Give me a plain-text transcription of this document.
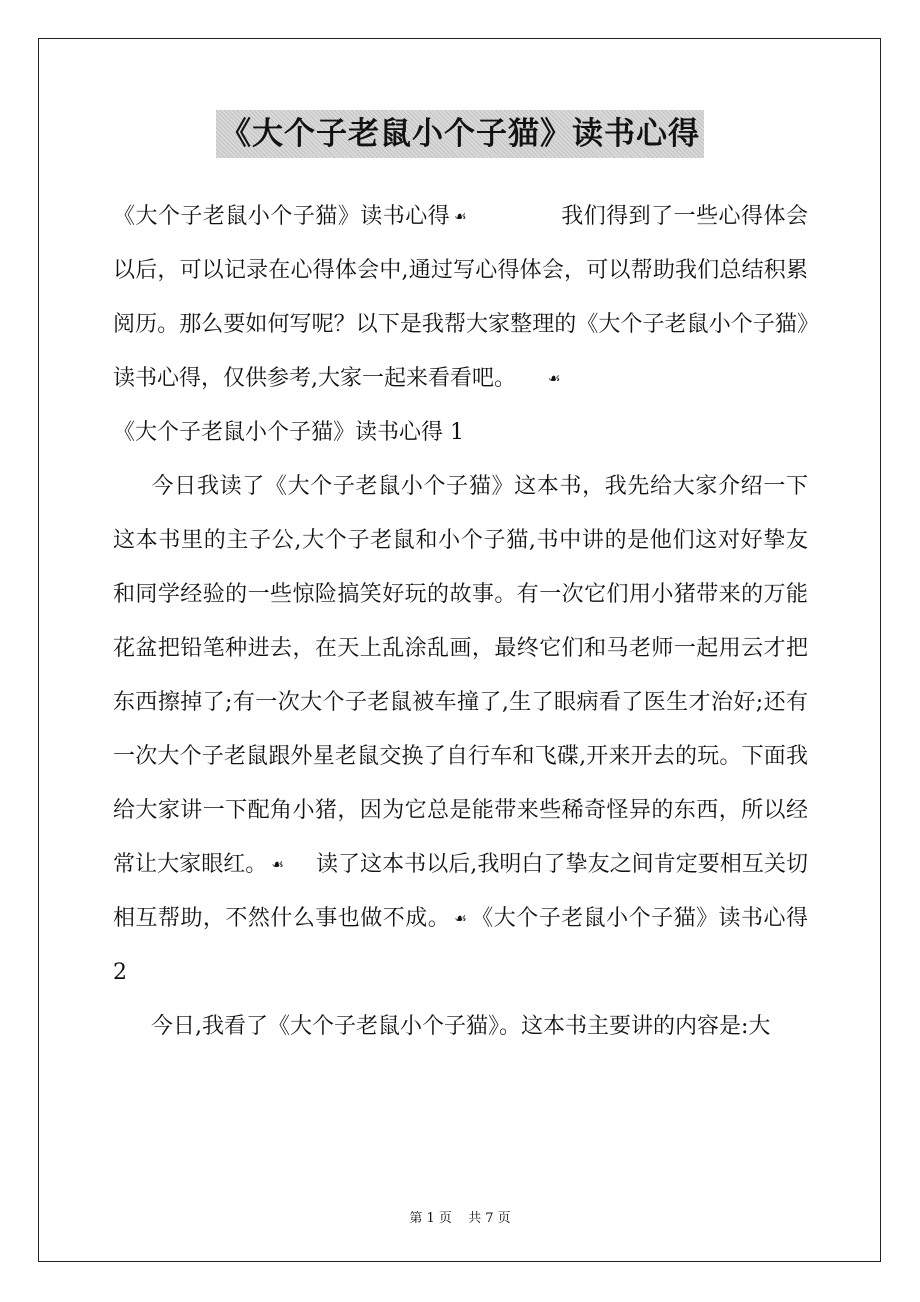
《大个子老鼠小个子猫》读书心得

《大个子老鼠小个子猫》读书心得 ☙	我们得到了一些心得体会以后，可以记录在心得体会中,通过写心得体会，可以帮助我们总结积累阅历。那么要如何写呢？以下是我帮大家整理的《大个子老鼠小个子猫》读书心得，仅供参考,大家一起来看看吧。 ☙

《大个子老鼠小个子猫》读书心得 1

今日我读了《大个子老鼠小个子猫》这本书，我先给大家介绍一下这本书里的主子公,大个子老鼠和小个子猫,书中讲的是他们这对好挚友和同学经验的一些惊险搞笑好玩的故事。有一次它们用小猪带来的万能花盆把铅笔种进去，在天上乱涂乱画，最终它们和马老师一起用云才把东西擦掉了;有一次大个子老鼠被车撞了,生了眼病看了医生才治好;还有一次大个子老鼠跟外星老鼠交换了自行车和飞碟,开来开去的玩。下面我给大家讲一下配角小猪，因为它总是能带来些稀奇怪异的东西，所以经常让大家眼红。 ☙ 读了这本书以后,我明白了挚友之间肯定要相互关切相互帮助，不然什么事也做不成。 ☙ 《大个子老鼠小个子猫》读书心得 2

今日,我看了《大个子老鼠小个子猫》。这本书主要讲的内容是:大

第 1 页 共 7 页
